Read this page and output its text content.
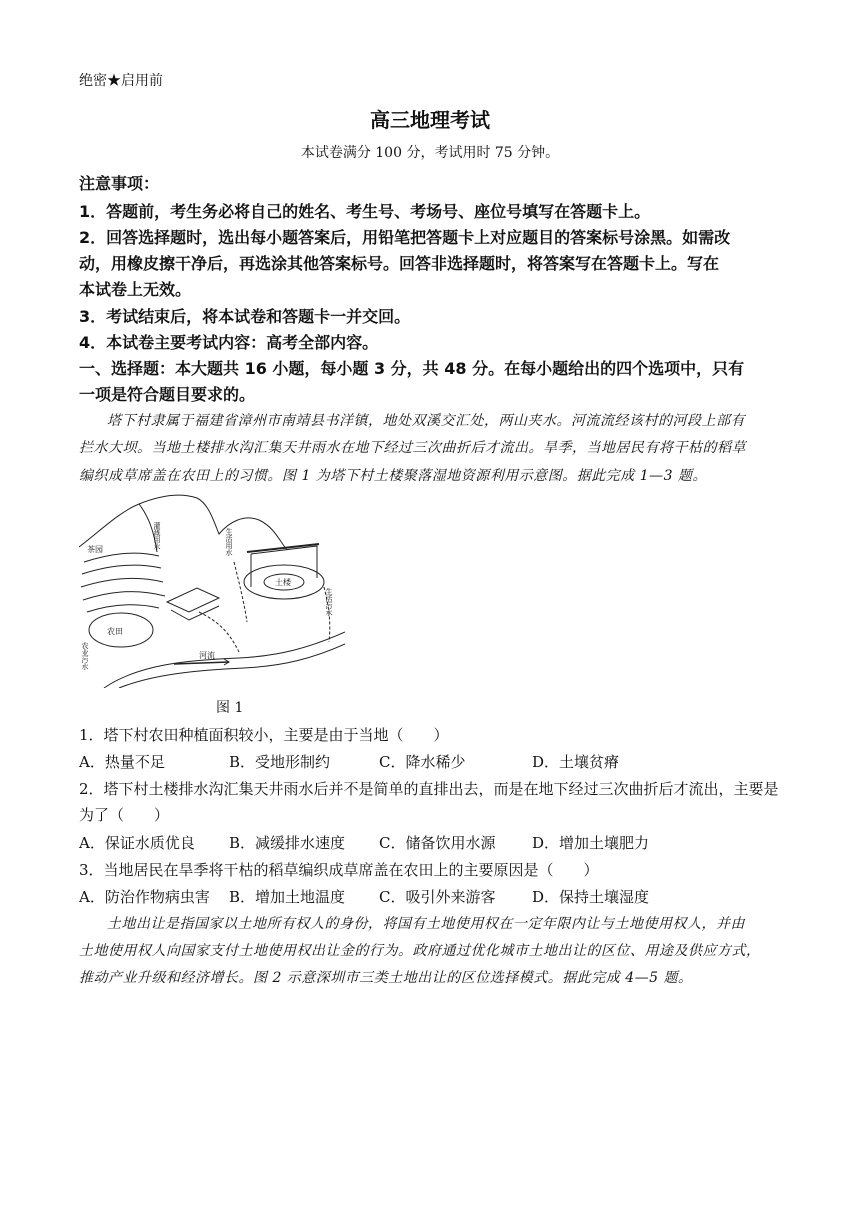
绝密★启用前
高三地理考试
本试卷满分 100 分，考试用时 75 分钟。
注意事项：
1．答题前，考生务必将自己的姓名、考生号、考场号、座位号填写在答题卡上。
2．回答选择题时，选出每小题答案后，用铅笔把答题卡上对应题目的答案标号涂黑。如需改
动，用橡皮擦干净后，再选涂其他答案标号。回答非选择题时，将答案写在答题卡上。写在
本试卷上无效。
3．考试结束后，将本试卷和答题卡一并交回。
4．本试卷主要考试内容：高考全部内容。
一、选择题：本大题共 16 小题，每小题 3 分，共 48 分。在每小题给出的四个选项中，只有
一项是符合题目要求的。
塔下村隶属于福建省漳州市南靖县书洋镇，地处双溪交汇处，两山夹水。河流流经该村的河段上部有
拦水大坝。当地土楼排水沟汇集天井雨水在地下经过三次曲折后才流出。旱季，当地居民有将干枯的稻草
编织成草席盖在农田上的习惯。图 1 为塔下村土楼聚落湿地资源利用示意图。据此完成 1—3 题。
茶园
农田
土楼
河流
灌溉用水	生活用水
生活污水
农业污水
图 1
1．塔下村农田种植面积较小，主要是由于当地（　　）
A．热量不足	B．受地形制约	C．降水稀少	D．土壤贫瘠
2．塔下村土楼排水沟汇集天井雨水后并不是简单的直排出去，而是在地下经过三次曲折后才流出，主要是
为了（　　）
A．保证水质优良 B．减缓排水速度 C．储备饮用水源 D．增加土壤肥力
3．当地居民在旱季将干枯的稻草编织成草席盖在农田上的主要原因是（　　）
A．防治作物病虫害 B．增加土地温度 C．吸引外来游客 D．保持土壤湿度
土地出让是指国家以土地所有权人的身份，将国有土地使用权在一定年限内让与土地使用权人，并由
土地使用权人向国家支付土地使用权出让金的行为。政府通过优化城市土地出让的区位、用途及供应方式，
推动产业升级和经济增长。图 2 示意深圳市三类土地出让的区位选择模式。据此完成 4—5 题。
